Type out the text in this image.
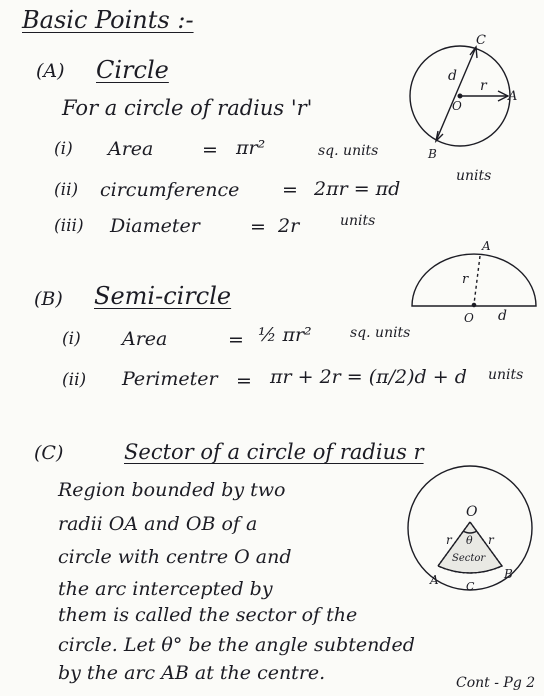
Basic Points :-
(A) Circle
For a circle of radius 'r'
(i) Area	= πr²	sq. units
(ii) circumference = 2πr = πd
units
(iii) Diameter	= 2r	units
(B) Semi-circle
(i) Area	= ½ πr²	sq. units
(ii) Perimeter = πr + 2r = (π/2)d + d units
(C)	Sector of a circle of radius r
Region bounded by two
radii OA and OB of a
circle with centre O and
the arc intercepted by
them is called the sector of the
circle. Let θ° be the angle subtended
by the arc AB at the centre.	Cont - Pg 2
C
A
B
O
d
r
A
r
O d
O
A	B
C
r	r
θ
Sector
